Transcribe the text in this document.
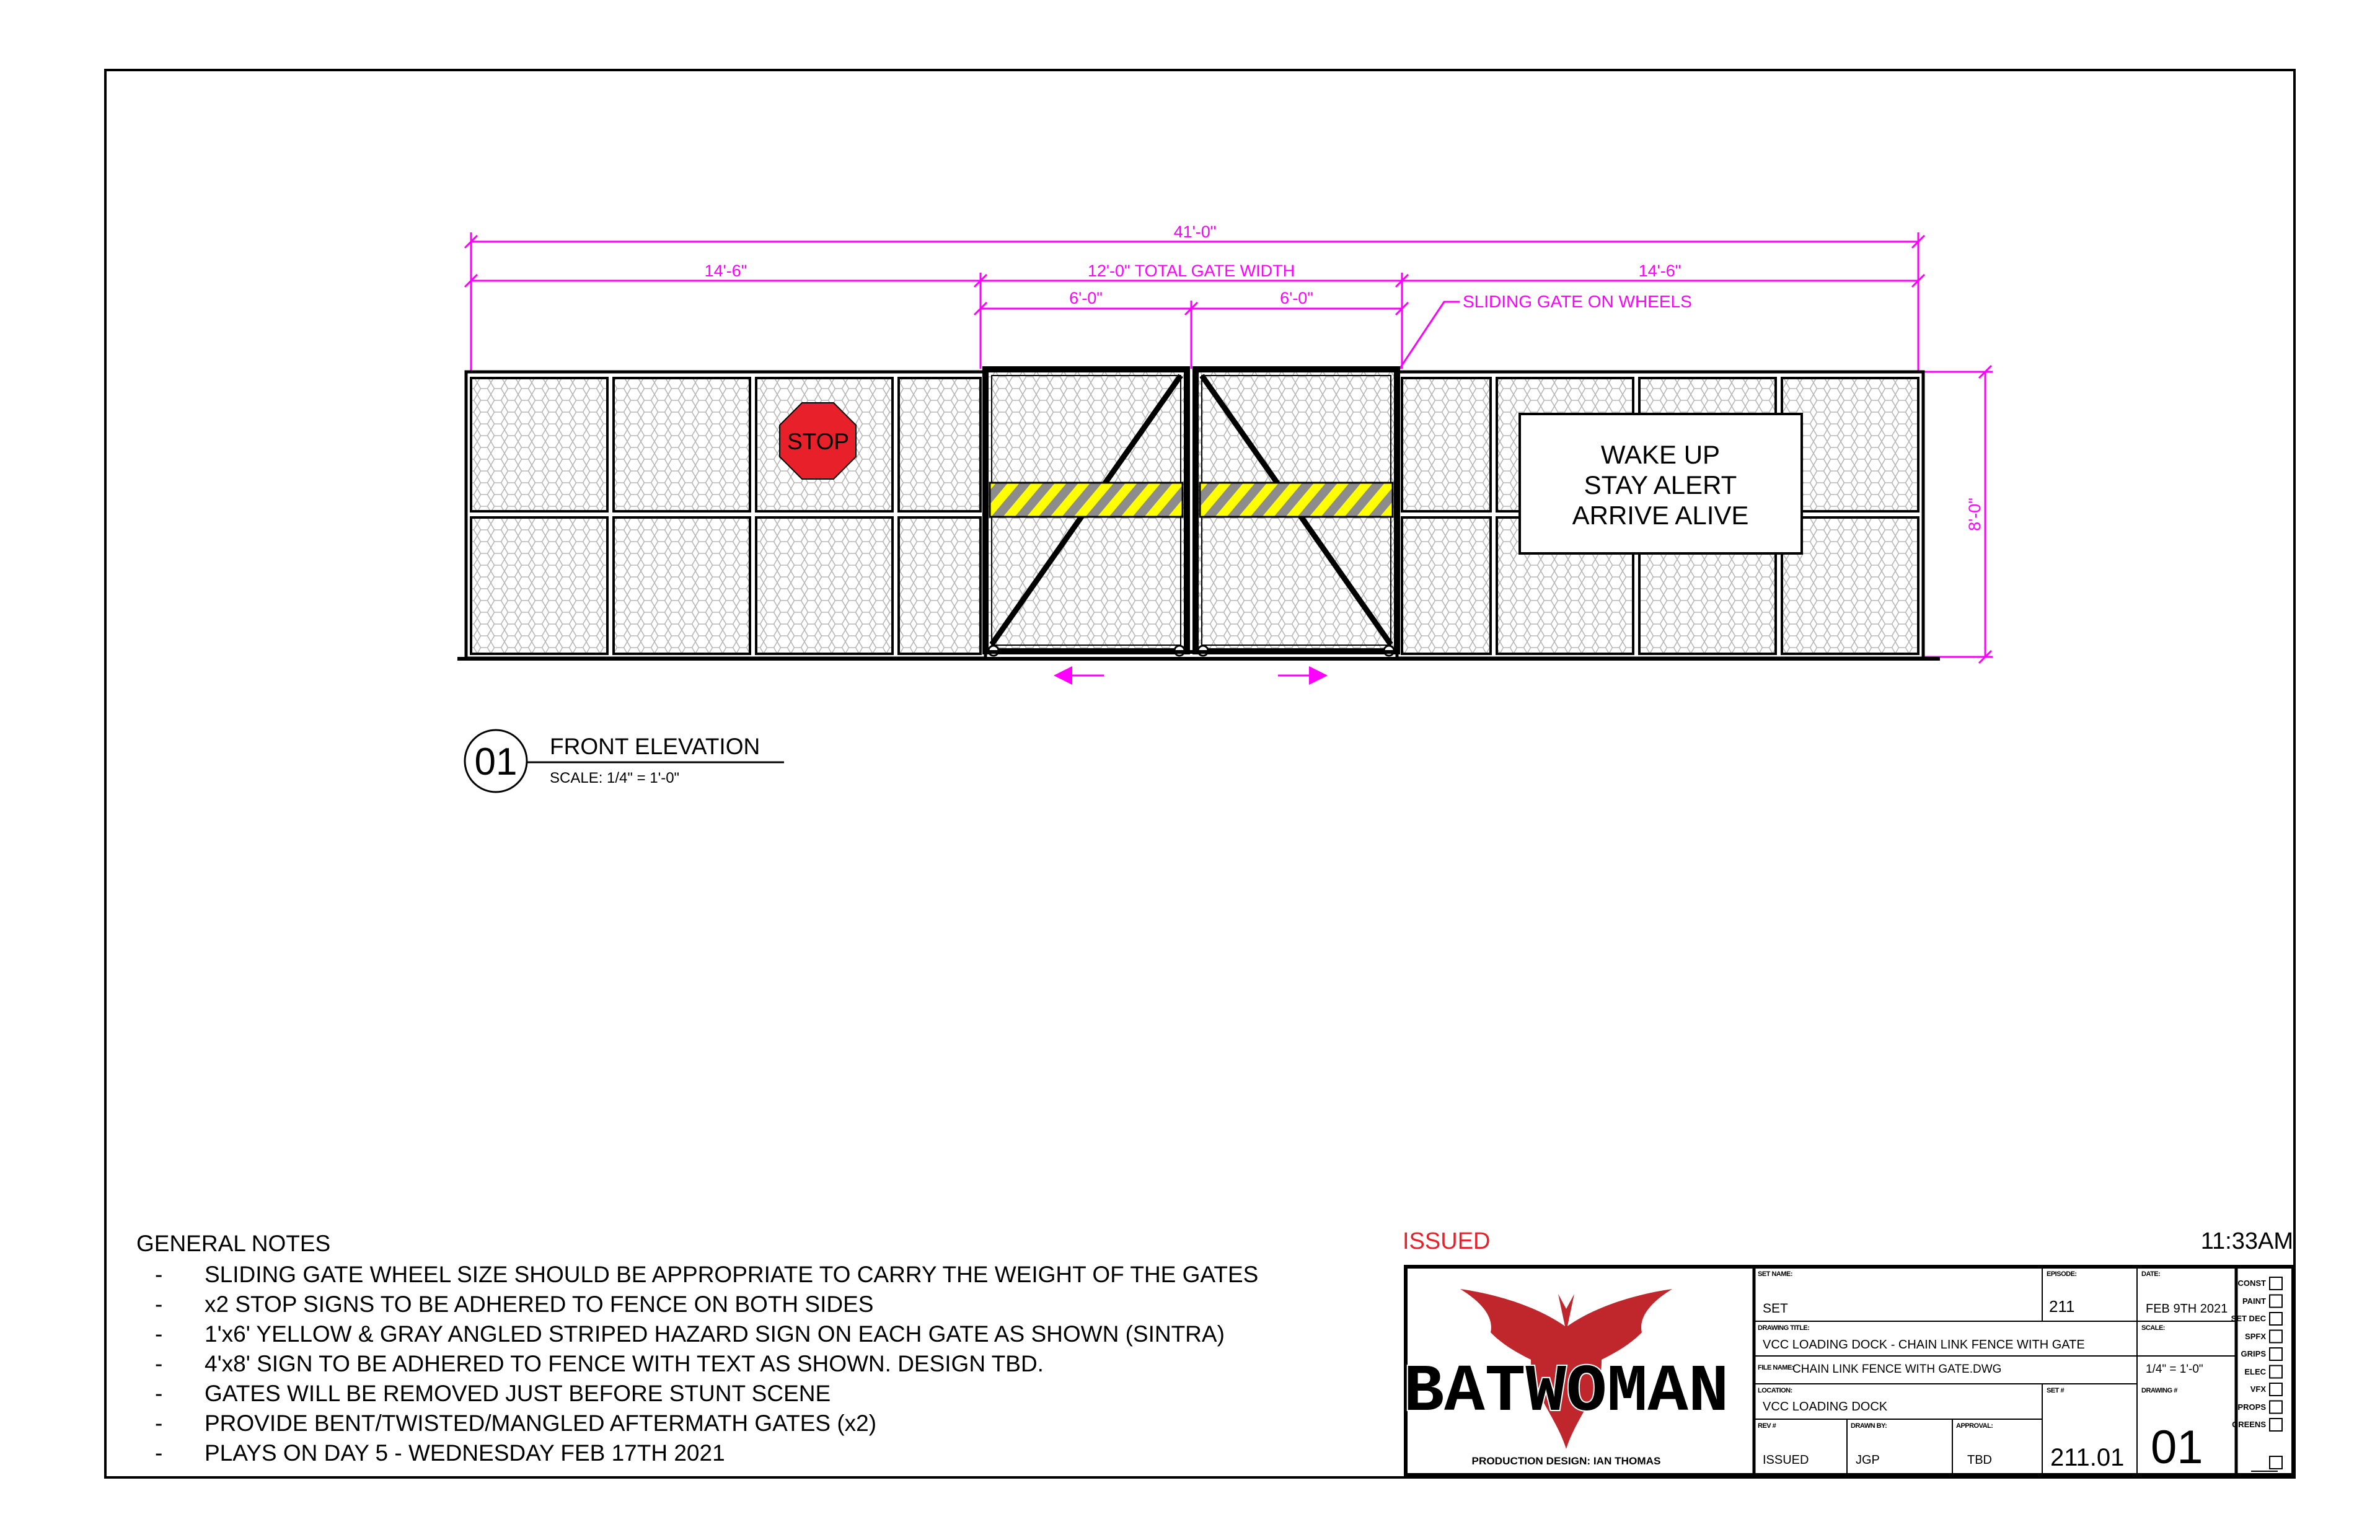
41'-0"
14'-6"	12'-0" TOTAL GATE WIDTH	14'-6"
6'-0"	6'-0"	SLIDING GATE ON WHEELS
8'-0"
STOP	WAKE UP
STAY ALERT
ARRIVE ALIVE
01 FRONT ELEVATION
SCALE: 1/4" = 1'-0"
BATWOMAN
PRODUCTION DESIGN: IAN THOMAS
GENERAL NOTES
- SLIDING GATE WHEEL SIZE SHOULD BE APPROPRIATE TO CARRY THE WEIGHT OF THE GATES
- x2 STOP SIGNS TO BE ADHERED TO FENCE ON BOTH SIDES
- 1'x6' YELLOW & GRAY ANGLED STRIPED HAZARD SIGN ON EACH GATE AS SHOWN (SINTRA)
- 4'x8' SIGN TO BE ADHERED TO FENCE WITH TEXT AS SHOWN. DESIGN TBD.
- GATES WILL BE REMOVED JUST BEFORE STUNT SCENE
- PROVIDE BENT/TWISTED/MANGLED AFTERMATH GATES (x2)
- PLAYS ON DAY 5 - WEDNESDAY FEB 17TH 2021
ISSUED	11:33AM
SET NAME:
SET
EPISODE:
211
DATE:
FEB 9TH 2021
DRAWING TITLE:
VCC LOADING DOCK - CHAIN LINK FENCE WITH GATE
SCALE:
1/4" = 1'-0"
FILE NAME:
CHAIN LINK FENCE WITH GATE.DWG
LOCATION:
VCC LOADING DOCK
SET #
211.01
DRAWING #
01
REV #
ISSUED
DRAWN BY:
JGP
APPROVAL:
TBD
CONST
PAINT
SET DEC
SPFX
GRIPS
ELEC
VFX
PROPS
GREENS
